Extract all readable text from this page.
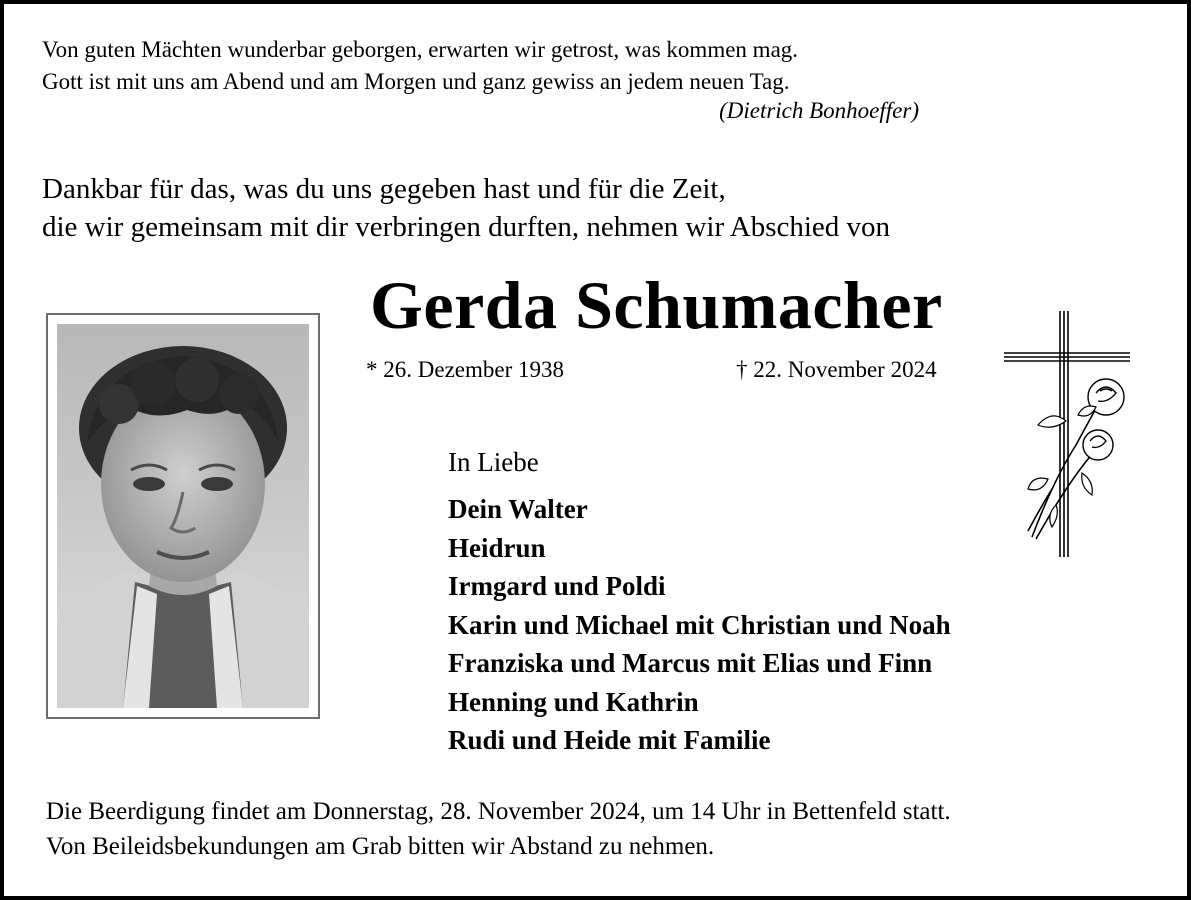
Von guten Mächten wunderbar geborgen, erwarten wir getrost, was kommen mag.
Gott ist mit uns am Abend und am Morgen und ganz gewiss an jedem neuen Tag.
(Dietrich Bonhoeffer)
Dankbar für das, was du uns gegeben hast und für die Zeit,
die wir gemeinsam mit dir verbringen durften, nehmen wir Abschied von
Gerda Schumacher
* 26. Dezember 1938	† 22. November 2024
In Liebe
Dein Walter
Heidrun
Irmgard und Poldi
Karin und Michael mit Christian und Noah
Franziska und Marcus mit Elias und Finn
Henning und Kathrin
Rudi und Heide mit Familie
Die Beerdigung findet am Donnerstag, 28. November 2024, um 14 Uhr in Bettenfeld statt.
Von Beileidsbekundungen am Grab bitten wir Abstand zu nehmen.
